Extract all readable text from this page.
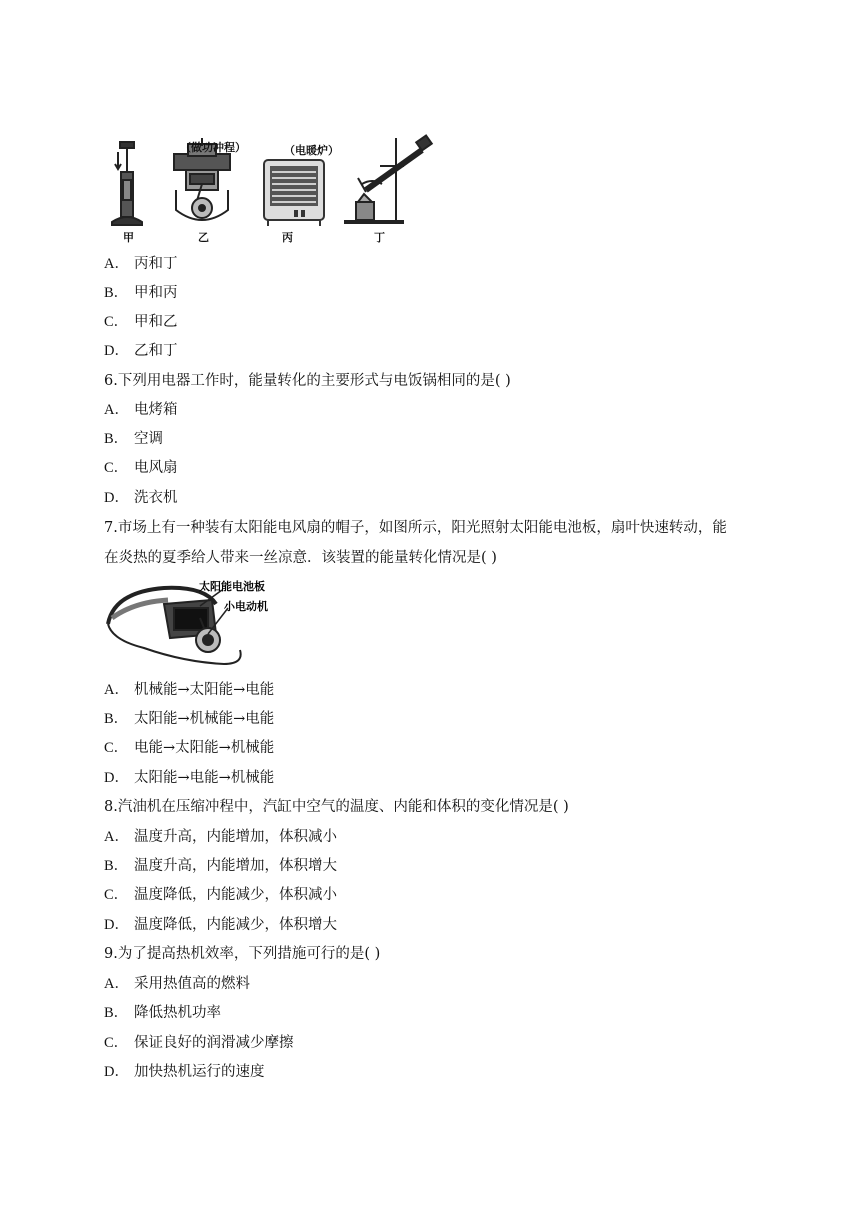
（做功冲程）	（电暖炉）
甲	乙	丙	丁
A． 丙和丁
B． 甲和丙
C． 甲和乙
D． 乙和丁
6.下列用电器工作时，能量转化的主要形式与电饭锅相同的是( )
A． 电烤箱
B． 空调
C． 电风扇
D． 洗衣机
7.市场上有一种装有太阳能电风扇的帽子，如图所示，阳光照射太阳能电池板，扇叶快速转动，能
在炎热的夏季给人带来一丝凉意．该装置的能量转化情况是( )
太阳能电池板
小电动机
A． 机械能→太阳能→电能
B． 太阳能→机械能→电能
C． 电能→太阳能→机械能
D． 太阳能→电能→机械能
8.汽油机在压缩冲程中，汽缸中空气的温度、内能和体积的变化情况是( )
A． 温度升高，内能增加，体积减小
B． 温度升高，内能增加，体积增大
C． 温度降低，内能减少，体积减小
D． 温度降低，内能减少，体积增大
9.为了提高热机效率，下列措施可行的是( )
A． 采用热值高的燃料
B． 降低热机功率
C． 保证良好的润滑减少摩擦
D． 加快热机运行的速度
